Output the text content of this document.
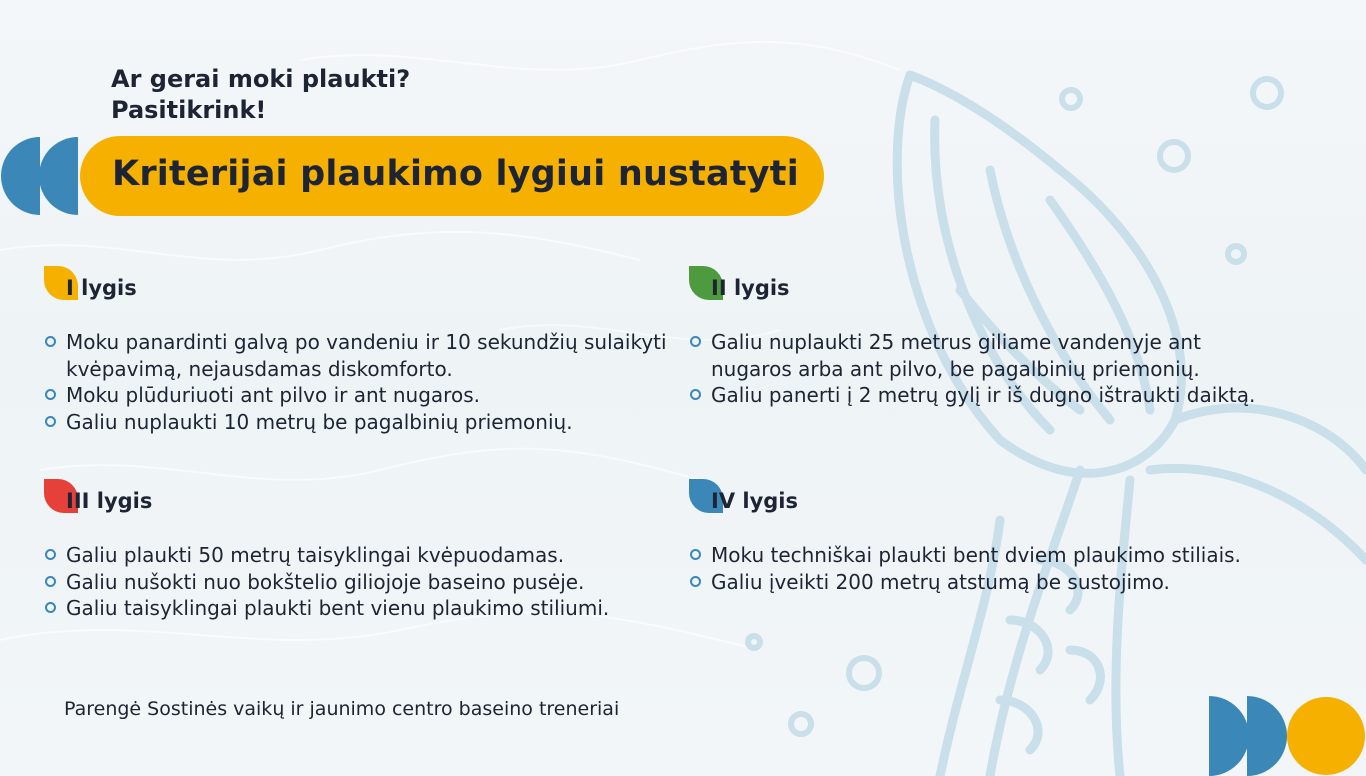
Ar gerai moki plaukti?
Pasitikrink!
Kriterijai plaukimo lygiui nustatyti
I lygis
Moku panardinti galvą po vandeniu ir 10 sekundžių sulaikyti kvėpavimą, nejausdamas diskomforto.
Moku plūduriuoti ant pilvo ir ant nugaros.
Galiu nuplaukti 10 metrų be pagalbinių priemonių.
II lygis
Galiu nuplaukti 25 metrus giliame vandenyje ant nugaros arba ant pilvo, be pagalbinių priemonių.
Galiu panerti į 2 metrų gylį ir iš dugno ištraukti daiktą.
III lygis
Galiu plaukti 50 metrų taisyklingai kvėpuodamas.
Galiu nušokti nuo bokštelio giliojoje baseino pusėje.
Galiu taisyklingai plaukti bent vienu plaukimo stiliumi.
IV lygis
Moku techniškai plaukti bent dviem plaukimo stiliais.
Galiu įveikti 200 metrų atstumą be sustojimo.
Parengė Sostinės vaikų ir jaunimo centro baseino treneriai
